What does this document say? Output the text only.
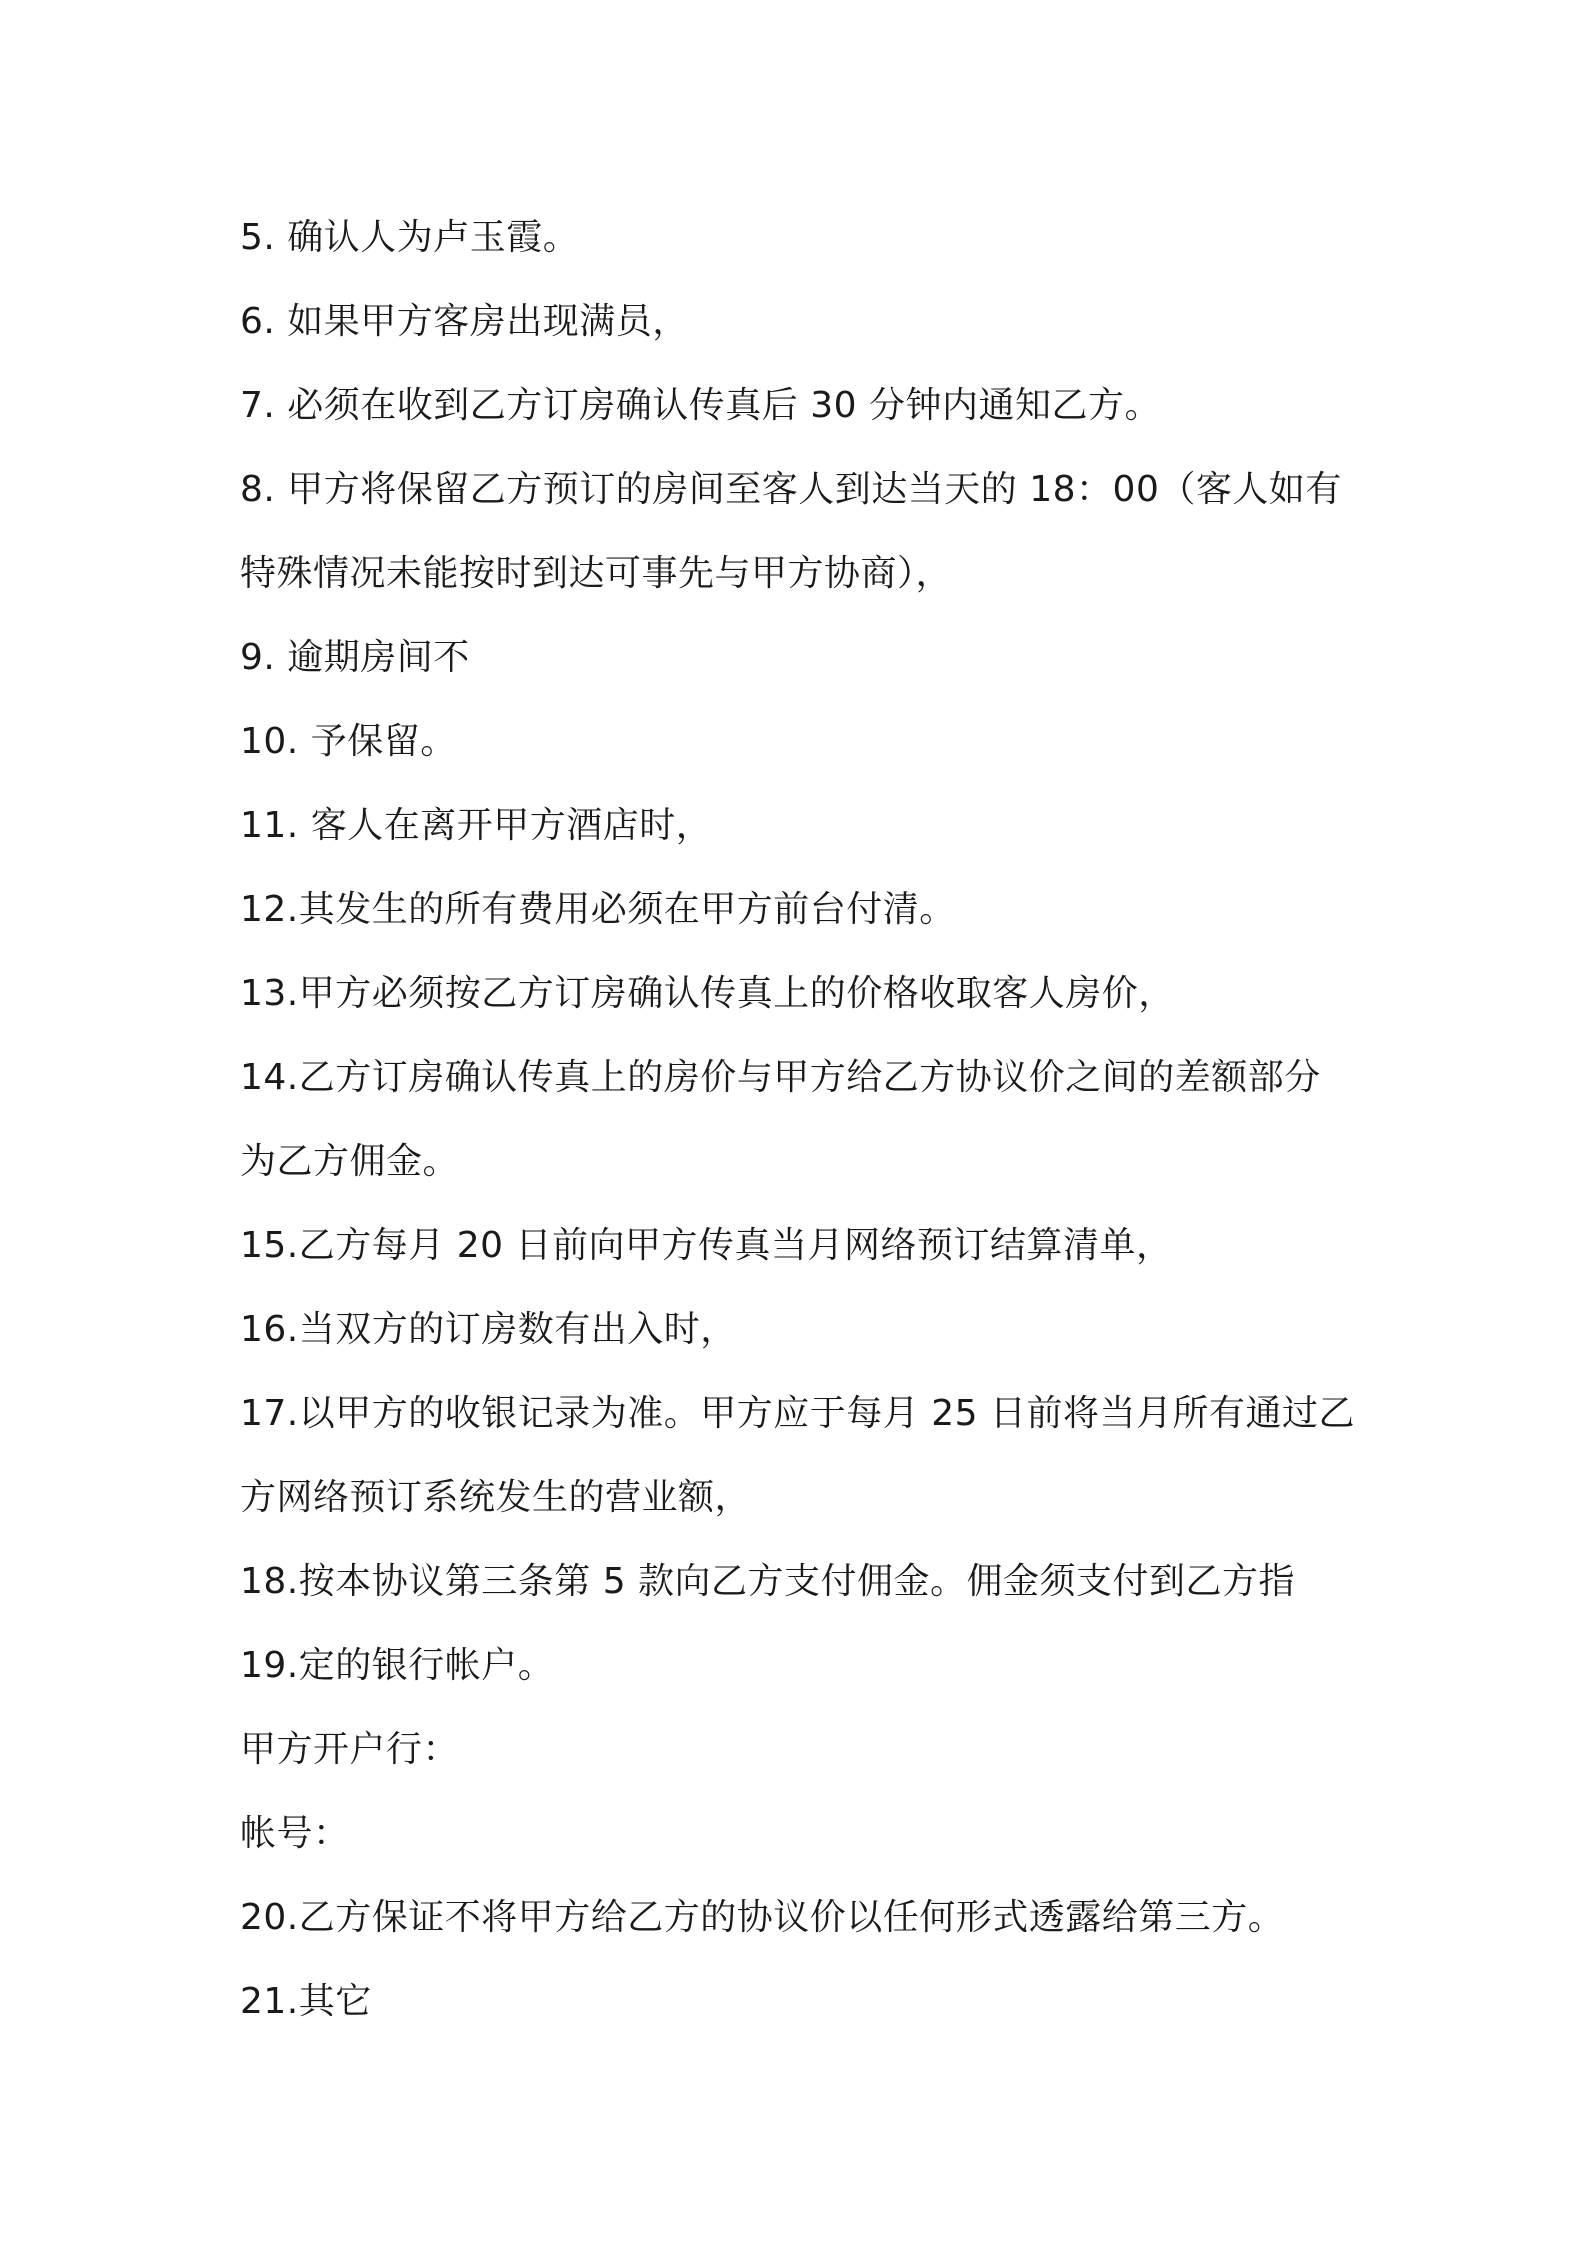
5. 确认人为卢玉霞。
6. 如果甲方客房出现满员，
7. 必须在收到乙方订房确认传真后 30 分钟内通知乙方。
8. 甲方将保留乙方预订的房间至客人到达当天的 18：00（客人如有
特殊情况未能按时到达可事先与甲方协商），
9. 逾期房间不
10. 予保留。
11. 客人在离开甲方酒店时，
12.其发生的所有费用必须在甲方前台付清。
13.甲方必须按乙方订房确认传真上的价格收取客人房价，
14.乙方订房确认传真上的房价与甲方给乙方协议价之间的差额部分
为乙方佣金。
15.乙方每月 20 日前向甲方传真当月网络预订结算清单，
16.当双方的订房数有出入时，
17.以甲方的收银记录为准。甲方应于每月 25 日前将当月所有通过乙
方网络预订系统发生的营业额，
18.按本协议第三条第 5 款向乙方支付佣金。佣金须支付到乙方指
19.定的银行帐户。
甲方开户行：
帐号：
20.乙方保证不将甲方给乙方的协议价以任何形式透露给第三方。
21.其它
